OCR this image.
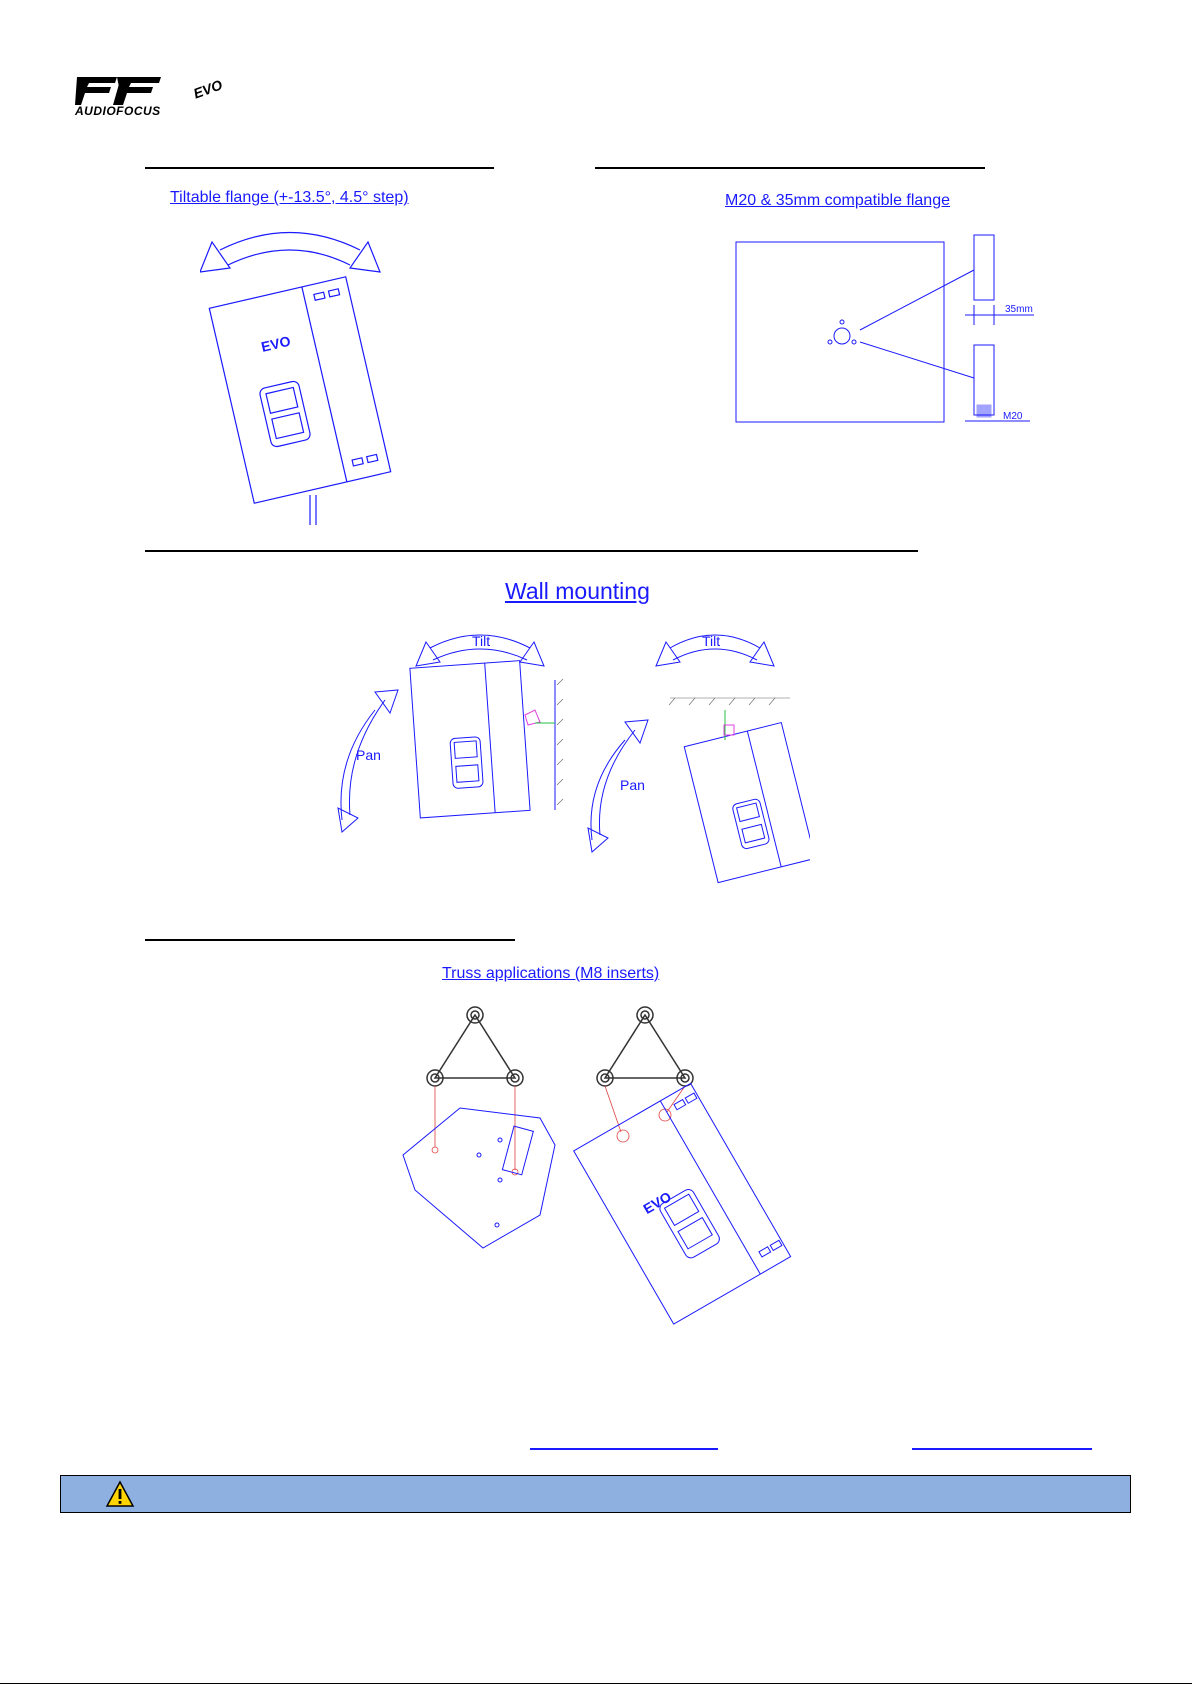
EVO
AUDIOFOCUS
Tiltable flange (+-13.5°, 4.5° step)
EVO
M20 & 35mm compatible flange
35mm
M20
Wall mounting
Tilt	Tilt
Pan
Pan
Truss applications (M8 inserts)
EVO
